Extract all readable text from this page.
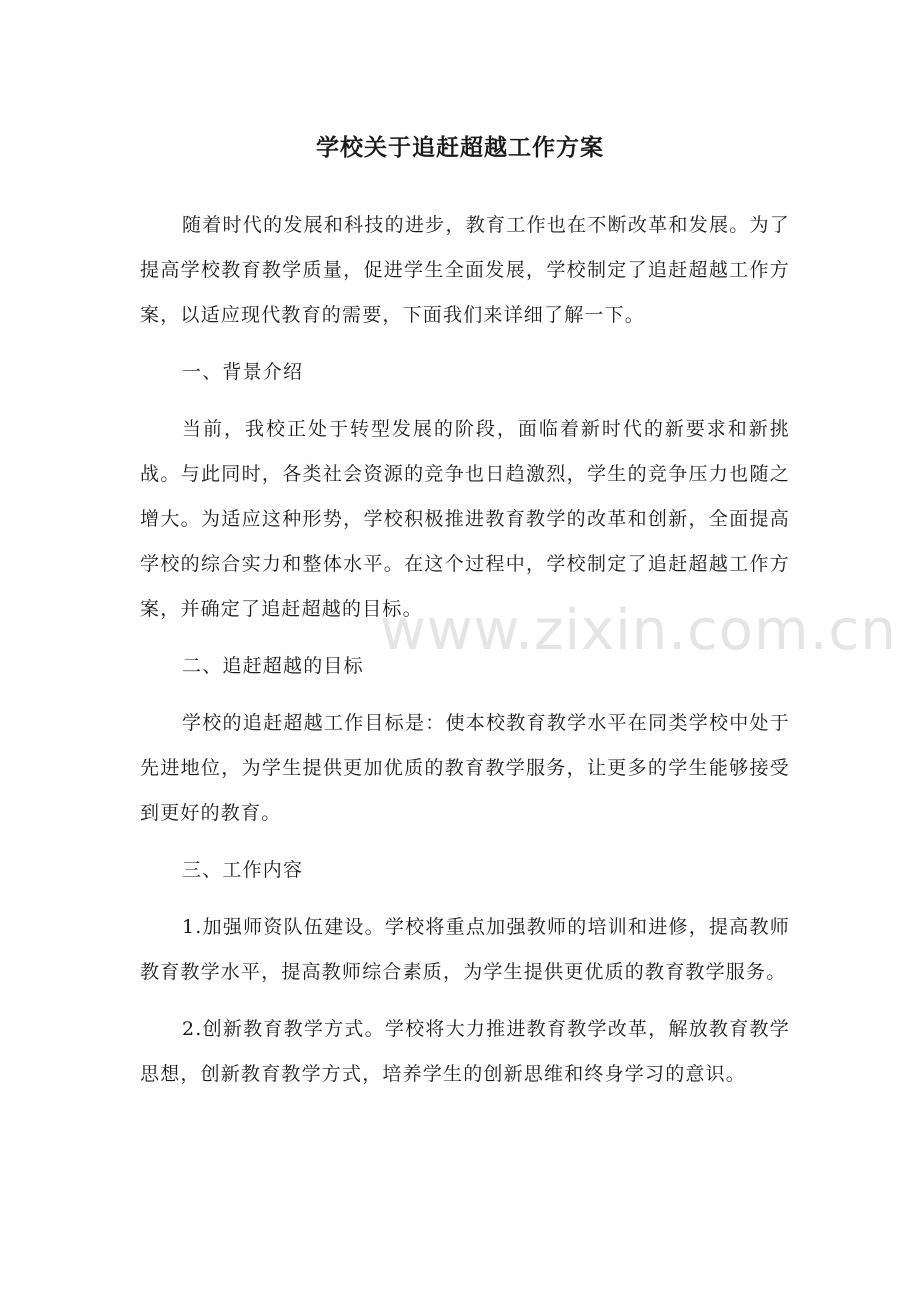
学校关于追赶超越工作方案

随着时代的发展和科技的进步，教育工作也在不断改革和发展。为了提高学校教育教学质量，促进学生全面发展，学校制定了追赶超越工作方案，以适应现代教育的需要，下面我们来详细了解一下。

一、背景介绍

当前，我校正处于转型发展的阶段，面临着新时代的新要求和新挑战。与此同时，各类社会资源的竞争也日趋激烈，学生的竞争压力也随之增大。为适应这种形势，学校积极推进教育教学的改革和创新，全面提高学校的综合实力和整体水平。在这个过程中，学校制定了追赶超越工作方案，并确定了追赶超越的目标。

二、追赶超越的目标

学校的追赶超越工作目标是：使本校教育教学水平在同类学校中处于先进地位，为学生提供更加优质的教育教学服务，让更多的学生能够接受到更好的教育。

三、工作内容

1.加强师资队伍建设。学校将重点加强教师的培训和进修，提高教师教育教学水平，提高教师综合素质，为学生提供更优质的教育教学服务。

2.创新教育教学方式。学校将大力推进教育教学改革，解放教育教学思想，创新教育教学方式，培养学生的创新思维和终身学习的意识。

www.zixin.com.cn
